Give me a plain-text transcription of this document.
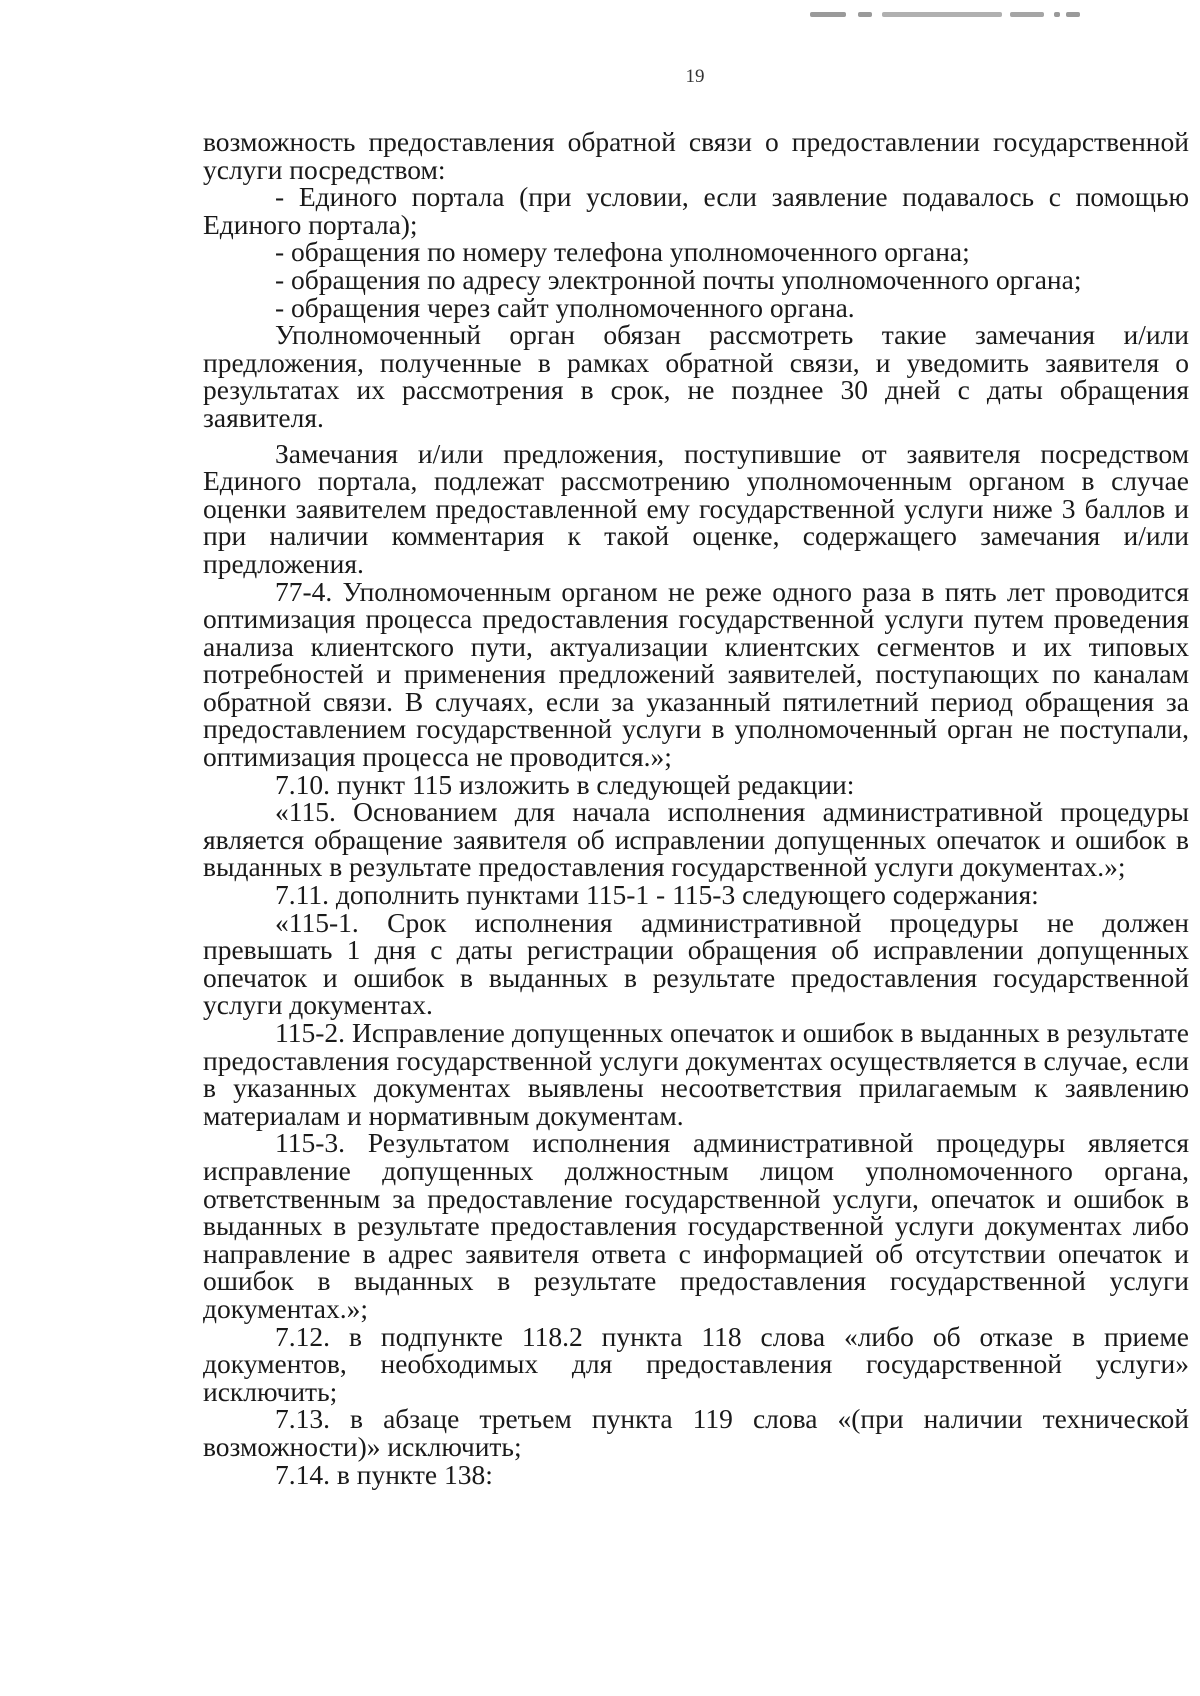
19

возможность предоставления обратной связи о предоставлении государственной услуги посредством:

- Единого портала (при условии, если заявление подавалось с помощью Единого портала);

- обращения по номеру телефона уполномоченного органа;

- обращения по адресу электронной почты уполномоченного органа;

- обращения через сайт уполномоченного органа.

Уполномоченный орган обязан рассмотреть такие замечания и/или предложения, полученные в рамках обратной связи, и уведомить заявителя о результатах их рассмотрения в срок, не позднее 30 дней с даты обращения заявителя.

Замечания и/или предложения, поступившие от заявителя посредством Единого портала, подлежат рассмотрению уполномоченным органом в случае оценки заявителем предоставленной ему государственной услуги ниже 3 баллов и при наличии комментария к такой оценке, содержащего замечания и/или предложения.

77-4. Уполномоченным органом не реже одного раза в пять лет проводится оптимизация процесса предоставления государственной услуги путем проведения анализа клиентского пути, актуализации клиентских сегментов и их типовых потребностей и применения предложений заявителей, поступающих по каналам обратной связи. В случаях, если за указанный пятилетний период обращения за предоставлением государственной услуги в уполномоченный орган не поступали, оптимизация процесса не проводится.»;

7.10. пункт 115 изложить в следующей редакции:

«115. Основанием для начала исполнения административной процедуры является обращение заявителя об исправлении допущенных опечаток и ошибок в выданных в результате предоставления государственной услуги документах.»;

7.11. дополнить пунктами 115-1 - 115-3 следующего содержания:

«115-1. Срок исполнения административной процедуры не должен превышать 1 дня с даты регистрации обращения об исправлении допущенных опечаток и ошибок в выданных в результате предоставления государственной услуги документах.

115-2. Исправление допущенных опечаток и ошибок в выданных в результате предоставления государственной услуги документах осуществляется в случае, если в указанных документах выявлены несоответствия прилагаемым к заявлению материалам и нормативным документам.

115-3. Результатом исполнения административной процедуры является исправление допущенных должностным лицом уполномоченного органа, ответственным за предоставление государственной услуги, опечаток и ошибок в выданных в результате предоставления государственной услуги документах либо направление в адрес заявителя ответа с информацией об отсутствии опечаток и ошибок в выданных в результате предоставления государственной услуги документах.»;

7.12. в подпункте 118.2 пункта 118 слова «либо об отказе в приеме документов, необходимых для предоставления государственной услуги» исключить;

7.13. в абзаце третьем пункта 119 слова «(при наличии технической возможности)» исключить;

7.14. в пункте 138:
